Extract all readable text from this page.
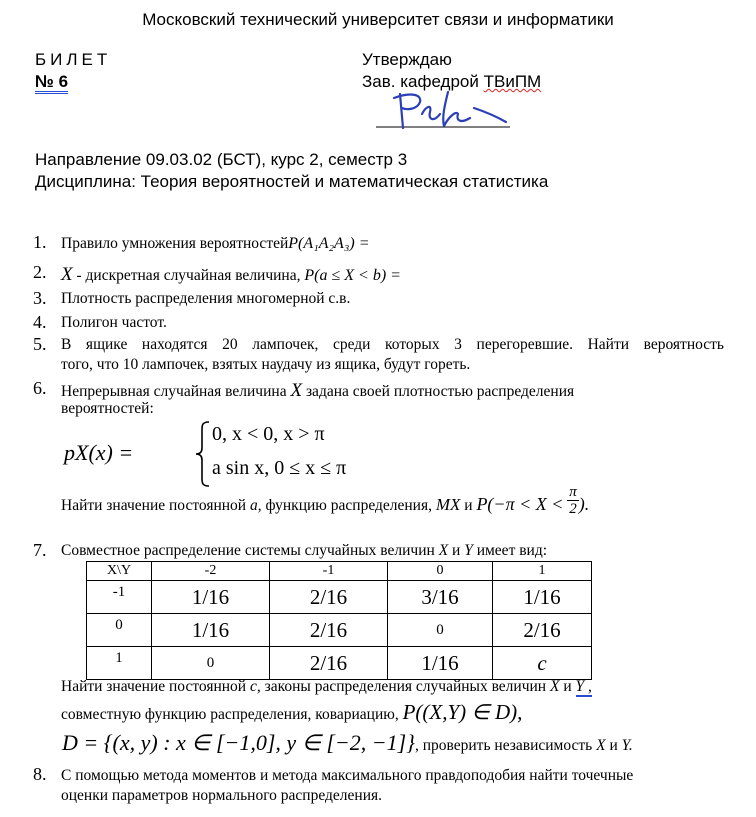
Московский технический университет связи и информатики
БИЛЕТ
№ 6
Утверждаю
Зав. кафедрой ТВиПМ
Направление 09.03.02 (БСТ), курс 2, семестр 3
Дисциплина: Теория вероятностей и математическая статистика
1. Правило умножения вероятностейP(A₁A₂A₃) =
2. X - дискретная случайная величина, P(a ≤ X < b) =
3. Плотность распределения многомерной с.в.
4. Полигон частот.
5. В ящике находятся 20 лампочек, среди которых 3 перегоревшие. Найти вероятность
того, что 10 лампочек, взятых наудачу из ящика, будут гореть.
6. Непрерывная случайная величина X задана своей плотностью распределения
вероятностей:
pX(x) =
0, x < 0, x > π
a sin x, 0 ≤ x ≤ π
Найти значение постоянной a, функцию распределения, MX и $P(-\pi < X < \frac{\pi}{2}$ ).
7. Совместное распределение системы случайных величин X и Y имеет вид:
X\Y	-2	-1	0	1
-1	1/16	2/16	3/16	1/16
0	1/16	2/16	0	2/16
1	0	2/16	1/16	c
Найти значение постоянной c, законы распределения случайных величин X и Y ,
совместную функцию распределения, ковариацию, P((X,Y) ∈ D),
D = {(x, y) : x ∈ [−1,0], y ∈ [−2, −1]}, проверить независимость X и Y.
8. С помощью метода моментов и метода максимального правдоподобия найти точечные
оценки параметров нормального распределения.
